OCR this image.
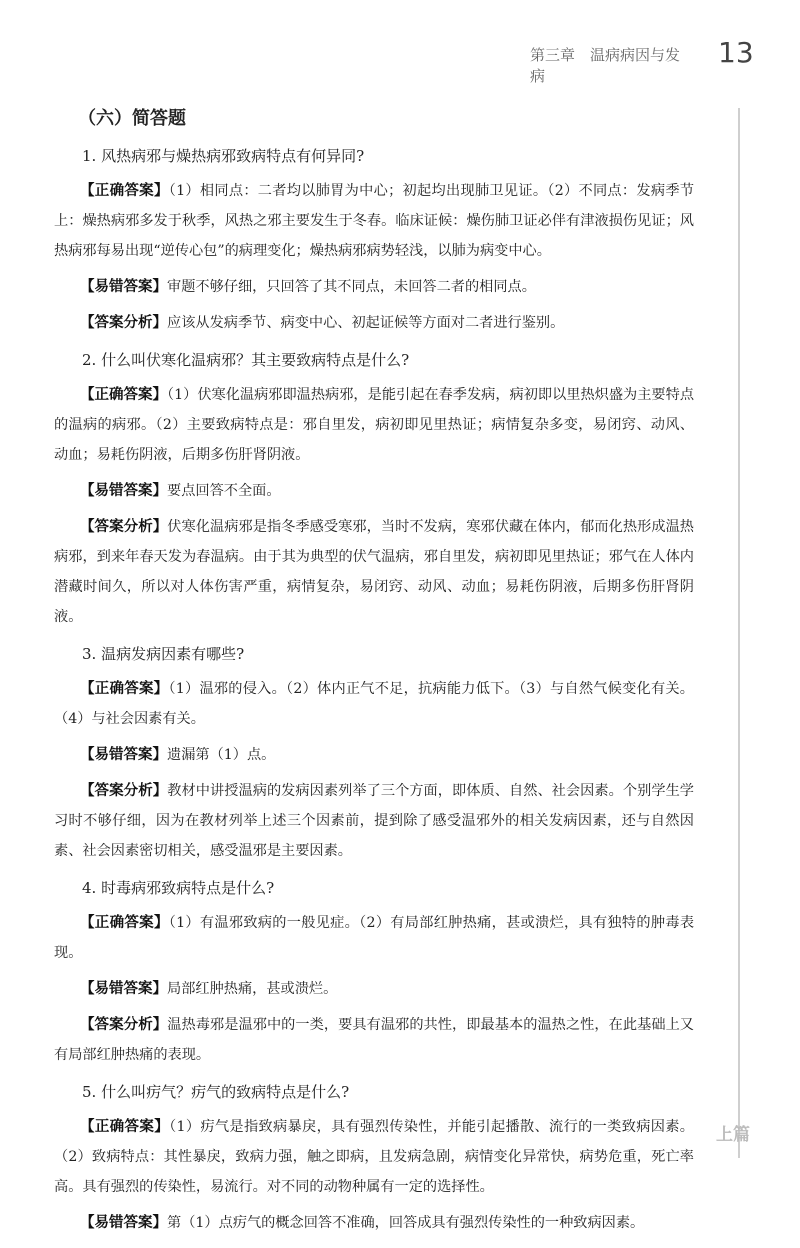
第三章　温病病因与发病
13
上篇
（六）简答题
1. 风热病邪与燥热病邪致病特点有何异同?
【正确答案】（1）相同点：二者均以肺胃为中心；初起均出现肺卫见证。（2）不同点：发病季节上：燥热病邪多发于秋季，风热之邪主要发生于冬春。临床证候：燥伤肺卫证必伴有津液损伤见证；风热病邪每易出现“逆传心包”的病理变化；燥热病邪病势轻浅，以肺为病变中心。
【易错答案】审题不够仔细，只回答了其不同点，未回答二者的相同点。
【答案分析】应该从发病季节、病变中心、初起证候等方面对二者进行鉴别。
2. 什么叫伏寒化温病邪？其主要致病特点是什么?
【正确答案】（1）伏寒化温病邪即温热病邪，是能引起在春季发病，病初即以里热炽盛为主要特点的温病的病邪。（2）主要致病特点是：邪自里发，病初即见里热证；病情复杂多变，易闭窍、动风、动血；易耗伤阴液，后期多伤肝肾阴液。
【易错答案】要点回答不全面。
【答案分析】伏寒化温病邪是指冬季感受寒邪，当时不发病，寒邪伏藏在体内，郁而化热形成温热病邪，到来年春天发为春温病。由于其为典型的伏气温病，邪自里发，病初即见里热证；邪气在人体内潜藏时间久，所以对人体伤害严重，病情复杂，易闭窍、动风、动血；易耗伤阴液，后期多伤肝肾阴液。
3. 温病发病因素有哪些?
【正确答案】（1）温邪的侵入。（2）体内正气不足，抗病能力低下。（3）与自然气候变化有关。（4）与社会因素有关。
【易错答案】遗漏第（1）点。
【答案分析】教材中讲授温病的发病因素列举了三个方面，即体质、自然、社会因素。个别学生学习时不够仔细，因为在教材列举上述三个因素前，提到除了感受温邪外的相关发病因素，还与自然因素、社会因素密切相关，感受温邪是主要因素。
4. 时毒病邪致病特点是什么?
【正确答案】（1）有温邪致病的一般见症。（2）有局部红肿热痛，甚或溃烂，具有独特的肿毒表现。
【易错答案】局部红肿热痛，甚或溃烂。
【答案分析】温热毒邪是温邪中的一类，要具有温邪的共性，即最基本的温热之性，在此基础上又有局部红肿热痛的表现。
5. 什么叫疠气？疠气的致病特点是什么?
【正确答案】（1）疠气是指致病暴戾，具有强烈传染性，并能引起播散、流行的一类致病因素。（2）致病特点：其性暴戾，致病力强，触之即病，且发病急剧，病情变化异常快，病势危重，死亡率高。具有强烈的传染性，易流行。对不同的动物种属有一定的选择性。
【易错答案】第（1）点疠气的概念回答不准确，回答成具有强烈传染性的一种致病因素。
